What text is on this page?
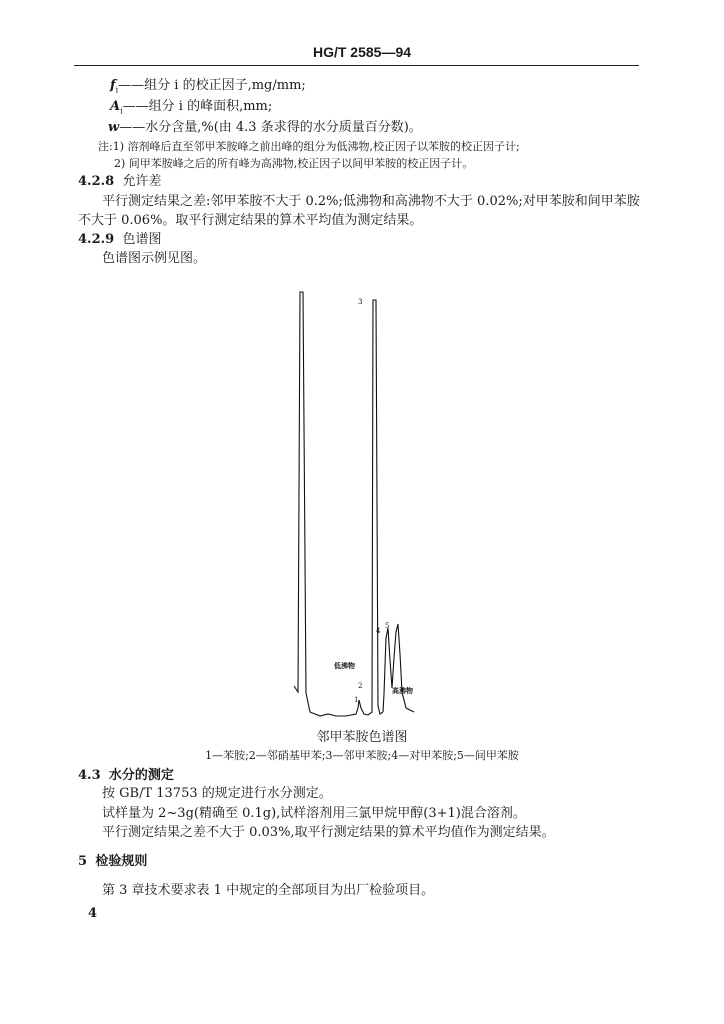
HG/T 2585—94
$f_i——$组分 i 的校正因子,mg/mm;
$A_i——$组分 i 的峰面积,mm;
w——水分含量,%(由 4.3 条求得的水分质量百分数)。
注:1) 溶剂峰后直至邻甲苯胺峰之前出峰的组分为低沸物,校正因子以苯胺的校正因子计;
2) 间甲苯胺峰之后的所有峰为高沸物,校正因子以间甲苯胺的校正因子计。
4.2.8 允许差
平行测定结果之差:邻甲苯胺不大于 0.2%;低沸物和高沸物不大于 0.02%;对甲苯胺和间甲苯胺
不大于 0.06%。取平行测定结果的算术平均值为测定结果。
4.2.9 色谱图
色谱图示例见图。
3
4
5
2
1
低沸物
高沸物
邻甲苯胺色谱图
1—苯胺;2—邻硝基甲苯;3—邻甲苯胺;4—对甲苯胺;5—间甲苯胺
4.3 水分的测定
按 GB/T 13753 的规定进行水分测定。
试样量为 2~3g(精确至 0.1g),试样溶剂用三氯甲烷甲醇(3+1)混合溶剂。
平行测定结果之差不大于 0.03%,取平行测定结果的算术平均值作为测定结果。
5 检验规则
第 3 章技术要求表 1 中规定的全部项目为出厂检验项目。
4
